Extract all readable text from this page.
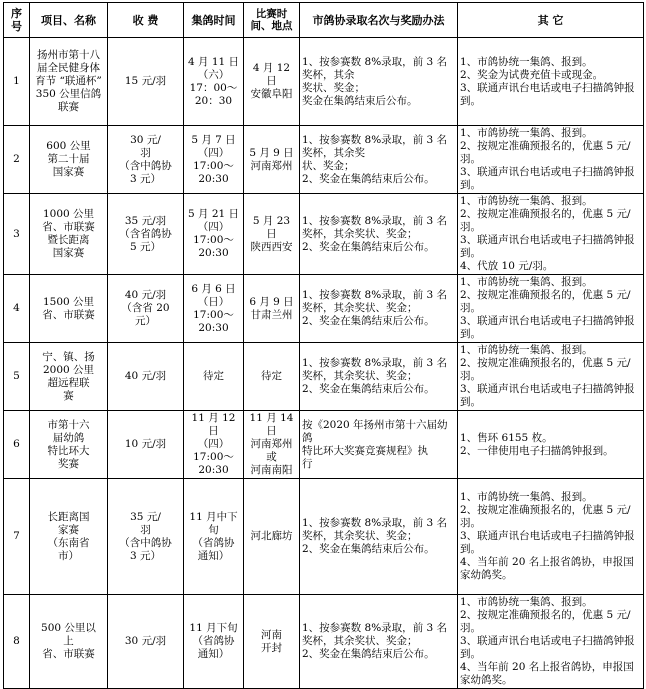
序号	项目、名称	收 费	集鸽时间	比赛时间、地点	市鸽协录取名次与奖励办法	其 它
1	扬州市第十八届全民健身体育节 “联通杯”
350 公里信鸽联赛	15 元/羽	4 月 11 日
（六）
17：00～
20：30	4 月 12 日
安徽阜阳	1、按参赛数 8%录取，前 3 名奖杯，其余
奖状、奖金；
奖金在集鸽结束后公布。	1、市鸽协统一集鸽、报到。
2、奖金为试费充值卡或现金。
3、联通声讯台电话或电子扫描鸽钟报到。
2	600 公里
第二十届
国家赛	30 元/
羽
（含中鸽协
3 元）	5 月 7 日
（四）
17:00～
20:30	5 月 9 日
河南郑州	1、按参赛数 8%录取，前 3 名奖杯，其余奖
状、奖金；
2、奖金在集鸽结束后公布。	1、市鸽协统一集鸽、报到。
2、按规定准确预报名的，优惠 5 元/羽。
3、联通声讯台电话或电子扫描鸽钟报到。
3	1000 公里
省、市联赛
暨长距离
国家赛	35 元/羽
（含省鸽协
5 元）	5 月 21 日
（四）
17:00～
20:30	5 月 23 日
陕西西安	1、按参赛数 8%录取，前 3 名奖杯，其余奖状、奖金；
2、奖金在集鸽结束后公布。	1、市鸽协统一集鸽、报到。
2、按规定准确预报名的，优惠 5 元/羽。
3、联通声讯台电话或电子扫描鸽钟报到。
4、代放 10 元/羽。
4	1500 公里
省、市联赛	40 元/羽
（含省 20
元）	6 月 6 日
（日）
17:00～
20:30	6 月 9 日
甘肃兰州	1、按参赛数 8%录取，前 3 名奖杯，其余奖状、奖金；
2、奖金在集鸽结束后公布。	1、市鸽协统一集鸽、报到。
2、按规定准确预报名的，优惠 5 元/羽。
3、联通声讯台电话或电子扫描鸽钟报到。
5	宁、镇、扬
2000 公里
超远程联
赛	40 元/羽	待定	待定	1、按参赛数 8%录取，前 3 名奖杯，其余奖状、奖金；
2、奖金在集鸽结束后公布。	1、市鸽协统一集鸽、报到。
2、按规定准确预报名的，优惠 5 元/羽。
3、联通声讯台电话或电子扫描鸽钟报到。
6	市第十六
届幼鸽
特比环大
奖赛	10 元/羽	11 月 12
日
（四）
17:00～
20:30	11 月 14
日
河南郑州
或
河南南阳	按《2020 年扬州市第十六届幼鸽
特比环大奖赛竞赛规程》执
行	1、售环 6155 枚。
2、一律使用电子扫描鸽钟报到。
7	长距离国
家赛
（东南省
市）	35 元/
羽
（含中鸽协
3 元）	11 月中下
旬
（省鸽协
通知）	河北廊坊	1、按参赛数 8%录取，前 3 名奖杯，其余奖状、奖金；
2、奖金在集鸽结束后公布。	1、市鸽协统一集鸽、报到。
2、按规定准确预报名的，优惠 5 元/羽。
3、联通声讯台电话或电子扫描鸽钟报到。
4、当年前 20 名上报省鸽协，申报国家幼鸽奖。
8	500 公里以
上
省、市联赛	30 元/羽	11 月下旬
（省鸽协
通知）	河南
开封	1、按参赛数 8%录取，前 3 名奖杯，其余奖状、奖金；
2、奖金在集鸽结束后公布。	1、市鸽协统一集鸽、报到。
2、按规定准确预报名的，优惠 5 元/羽。
3、联通声讯台电话或电子扫描鸽钟报到。
4、当年前 20 名上报省鸽协，申报国家幼鸽奖。
